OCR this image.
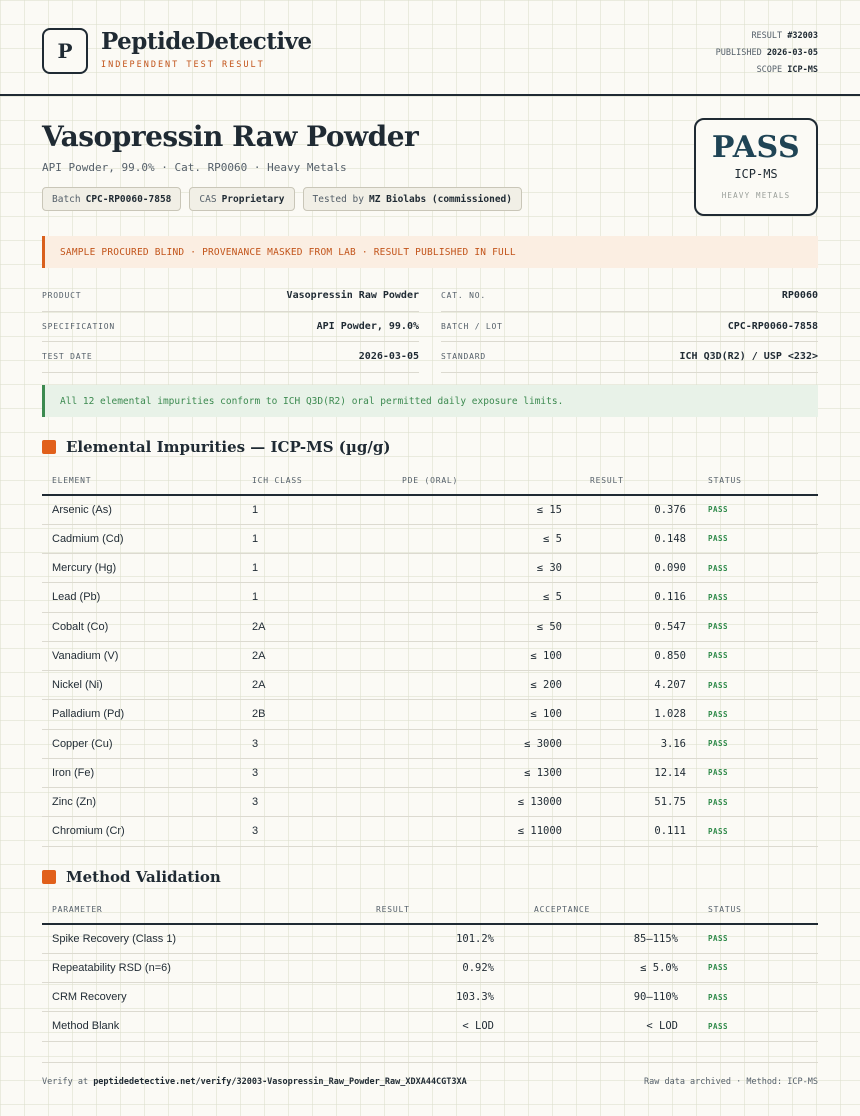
P PeptideDetective
INDEPENDENT TEST RESULT
RESULT #32003
PUBLISHED 2026-03-05
SCOPE ICP-MS
Vasopressin Raw Powder
API Powder, 99.0% · Cat. RP0060 · Heavy Metals
Batch CPC-RP0060-7858	CAS Proprietary	Tested by MZ Biolabs (commissioned)
PASS
ICP-MS
HEAVY METALS
SAMPLE PROCURED BLIND · PROVENANCE MASKED FROM LAB · RESULT PUBLISHED IN FULL
PRODUCT	Vasopressin Raw Powder	CAT. NO.	RP0060
SPECIFICATION	API Powder, 99.0%	BATCH / LOT	CPC-RP0060-7858
TEST DATE	2026-03-05	STANDARD	ICH Q3D(R2) / USP <232>
All 12 elemental impurities conform to ICH Q3D(R2) oral permitted daily exposure limits.
Elemental Impurities — ICP-MS (µg/g)
ELEMENT	ICH CLASS	PDE (ORAL)	RESULT	STATUS
Arsenic (As)	1	≤ 15	0.376	PASS
Cadmium (Cd)	1	≤ 5	0.148	PASS
Mercury (Hg)	1	≤ 30	0.090	PASS
Lead (Pb)	1	≤ 5	0.116	PASS
Cobalt (Co)	2A	≤ 50	0.547	PASS
Vanadium (V)	2A	≤ 100	0.850	PASS
Nickel (Ni)	2A	≤ 200	4.207	PASS
Palladium (Pd)	2B	≤ 100	1.028	PASS
Copper (Cu)	3	≤ 3000	3.16	PASS
Iron (Fe)	3	≤ 1300	12.14	PASS
Zinc (Zn)	3	≤ 13000	51.75	PASS
Chromium (Cr)	3	≤ 11000	0.111	PASS
Method Validation
PARAMETER	RESULT	ACCEPTANCE	STATUS
Spike Recovery (Class 1)	101.2%	85–115%	PASS
Repeatability RSD (n=6)	0.92%	≤ 5.0%	PASS
CRM Recovery	103.3%	90–110%	PASS
Method Blank	< LOD	< LOD	PASS
Verify at peptidedetective.net/verify/32003-Vasopressin_Raw_Powder_Raw_XDXA44CGT3XA	Raw data archived · Method: ICP-MS
